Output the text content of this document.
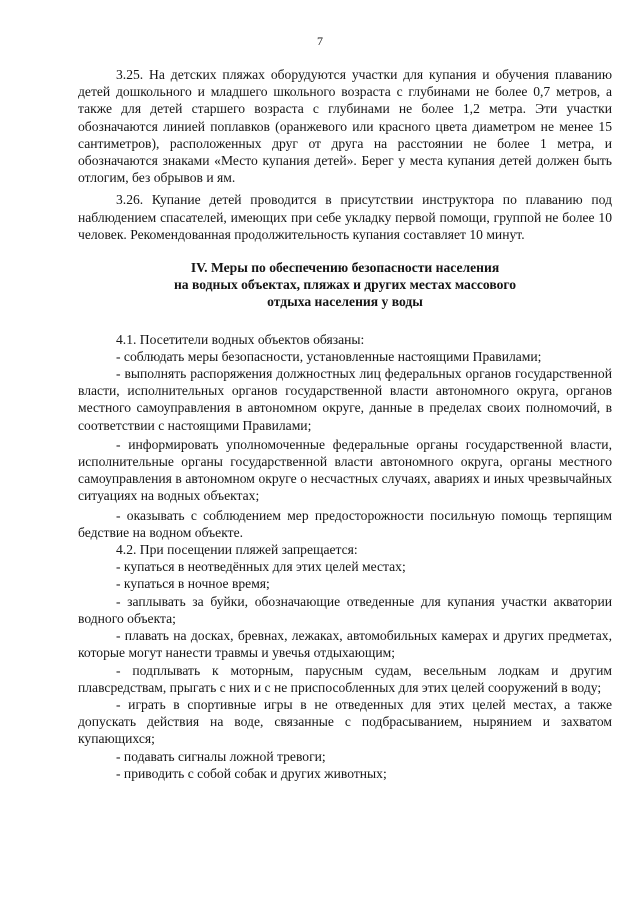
7

3.25. На детских пляжах оборудуются участки для купания и обучения плаванию детей дошкольного и младшего школьного возраста с глубинами не более 0,7 метров, а также для детей старшего возраста с глубинами не более 1,2 метра. Эти участки обозначаются линией поплавков (оранжевого или красного цвета диаметром не менее 15 сантиметров), расположенных друг от друга на расстоянии не более 1 метра, и обозначаются знаками «Место купания детей». Берег у места купания детей должен быть отлогим, без обрывов и ям.

3.26. Купание детей проводится в присутствии инструктора по плаванию под наблюдением спасателей, имеющих при себе укладку первой помощи, группой не более 10 человек. Рекомендованная продолжительность купания составляет 10 минут.

IV. Меры по обеспечению безопасности населения
на водных объектах, пляжах и других местах массового
отдыха населения у воды

4.1. Посетители водных объектов обязаны:

- соблюдать меры безопасности, установленные настоящими Правилами;

- выполнять распоряжения должностных лиц федеральных органов государственной власти, исполнительных органов государственной власти автономного округа, органов местного самоуправления в автономном округе, данные в пределах своих полномочий, в соответствии с настоящими Правилами;

- информировать уполномоченные федеральные органы государственной власти, исполнительные органы государственной власти автономного округа, органы местного самоуправления в автономном округе о несчастных случаях, авариях и иных чрезвычайных ситуациях на водных объектах;

- оказывать с соблюдением мер предосторожности посильную помощь терпящим бедствие на водном объекте.

4.2. При посещении пляжей запрещается:

- купаться в неотведённых для этих целей местах;

- купаться в ночное время;

- заплывать за буйки, обозначающие отведенные для купания участки акватории водного объекта;

- плавать на досках, бревнах, лежаках, автомобильных камерах и других предметах, которые могут нанести травмы и увечья отдыхающим;

- подплывать к моторным, парусным судам, весельным лодкам и другим плавсредствам, прыгать с них и с не приспособленных для этих целей сооружений в воду;

- играть в спортивные игры в не отведенных для этих целей местах, а также допускать действия на воде, связанные с подбрасыванием, нырянием и захватом купающихся;

- подавать сигналы ложной тревоги;

- приводить с собой собак и других животных;
